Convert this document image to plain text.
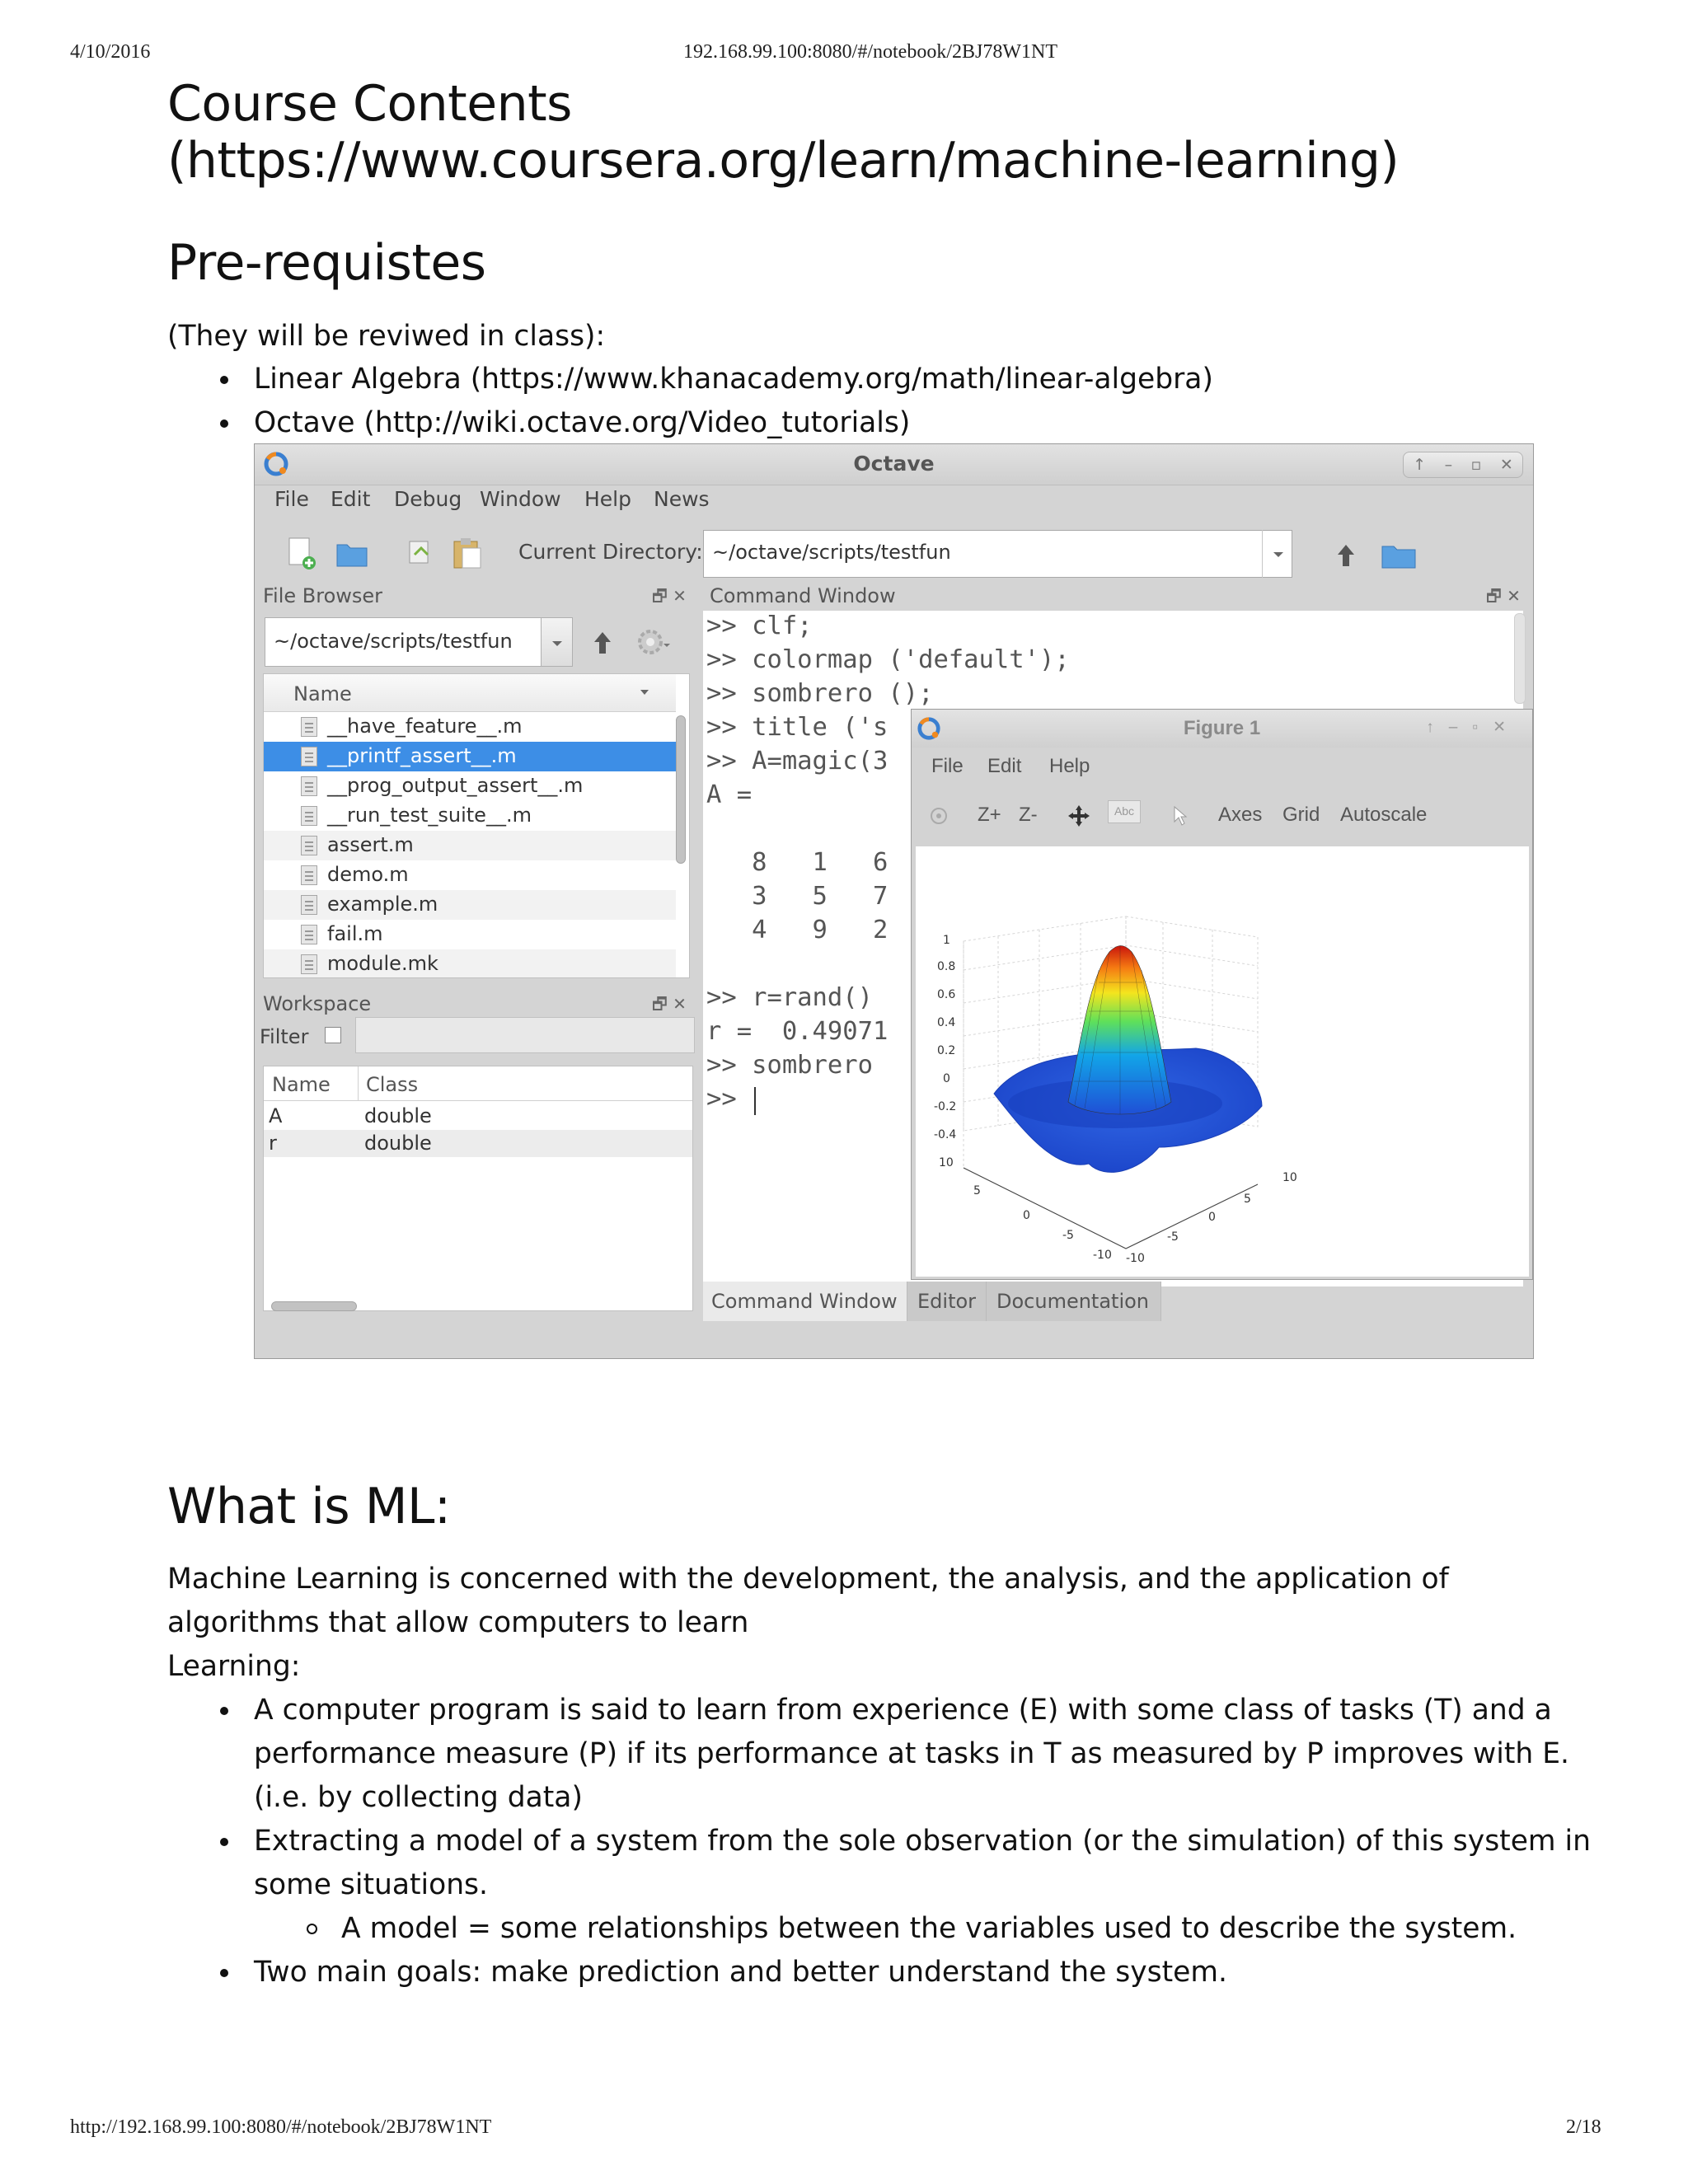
4/10/2016	192.168.99.100:8080/#/notebook/2BJ78W1NT
Course Contents
(https://www.coursera.org/learn/machine-learning)
Pre-requistes
(They will be reviwed in class):
Linear Algebra (https://www.khanacademy.org/math/linear-algebra)
Octave (http://wiki.octave.org/Video_tutorials)
Octave	↑ – ▫ ✕
File Edit Debug Window Help News
Current Directory: ~/octave/scripts/testfun
File Browser	🗗 ✕
~/octave/scripts/testfun
Name
__have_feature__.m
__printf_assert__.m
__prog_output_assert__.m
__run_test_suite__.m
assert.m
demo.m
example.m
fail.m
module.mk
Workspace	🗗 ✕
Filter
Name Class
A	double
r	double
Command Window	🗗 ✕
>> clf;
>> colormap ('default');
>> sombrero ();
>> title ('s
>> A=magic(3
A =
8   1   6
3   5   7
4   9   2
>> r=rand()
r =  0.49071
>> sombrero
>>
Command Window	Editor	Documentation
Figure 1	↑–▫✕
File Edit Help
Z+ Z-	Abc	Axes Grid Autoscale
1
0.8
0.6
0.4
0.2
0
-0.2
-0.4
10
5
0
-5
-10 -10
-5
0
5
10
What is ML:
Machine Learning is concerned with the development, the analysis, and the application of
algorithms that allow computers to learn
Learning:
A computer program is said to learn from experience (E) with some class of tasks (T) and a
performance measure (P) if its performance at tasks in T as measured by P improves with E.
(i.e. by collecting data)
Extracting a model of a system from the sole observation (or the simulation) of this system in
some situations.
A model = some relationships between the variables used to describe the system.
Two main goals: make prediction and better understand the system.
http://192.168.99.100:8080/#/notebook/2BJ78W1NT	2/18
